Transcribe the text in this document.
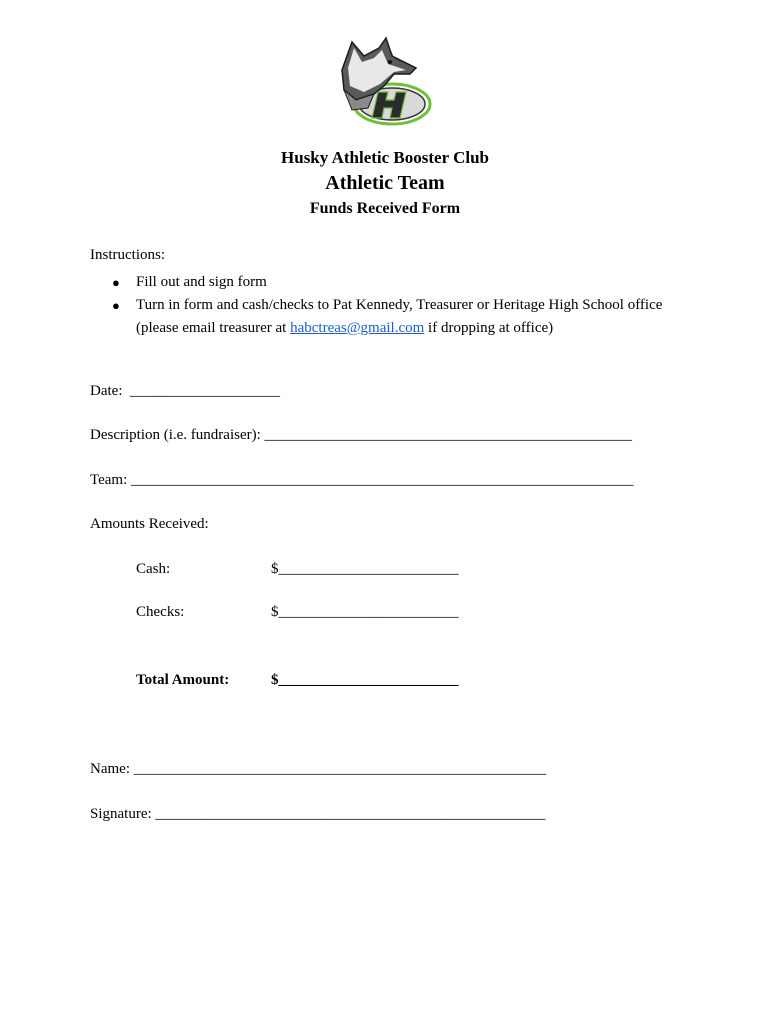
Husky Athletic Booster Club
Athletic Team
Funds Received Form
Instructions:
● Fill out and sign form
● Turn in form and cash/checks to Pat Kennedy, Treasurer or Heritage High School office (please email treasurer at habctreas@gmail.com if dropping at office)
Date:  ____________________
Description (i.e. fundraiser): _________________________________________________
Team: ___________________________________________________________________
Amounts Received:
Cash:	$________________________
Checks:	$________________________
Total Amount:	$________________________
Name: _______________________________________________________
Signature: ____________________________________________________
